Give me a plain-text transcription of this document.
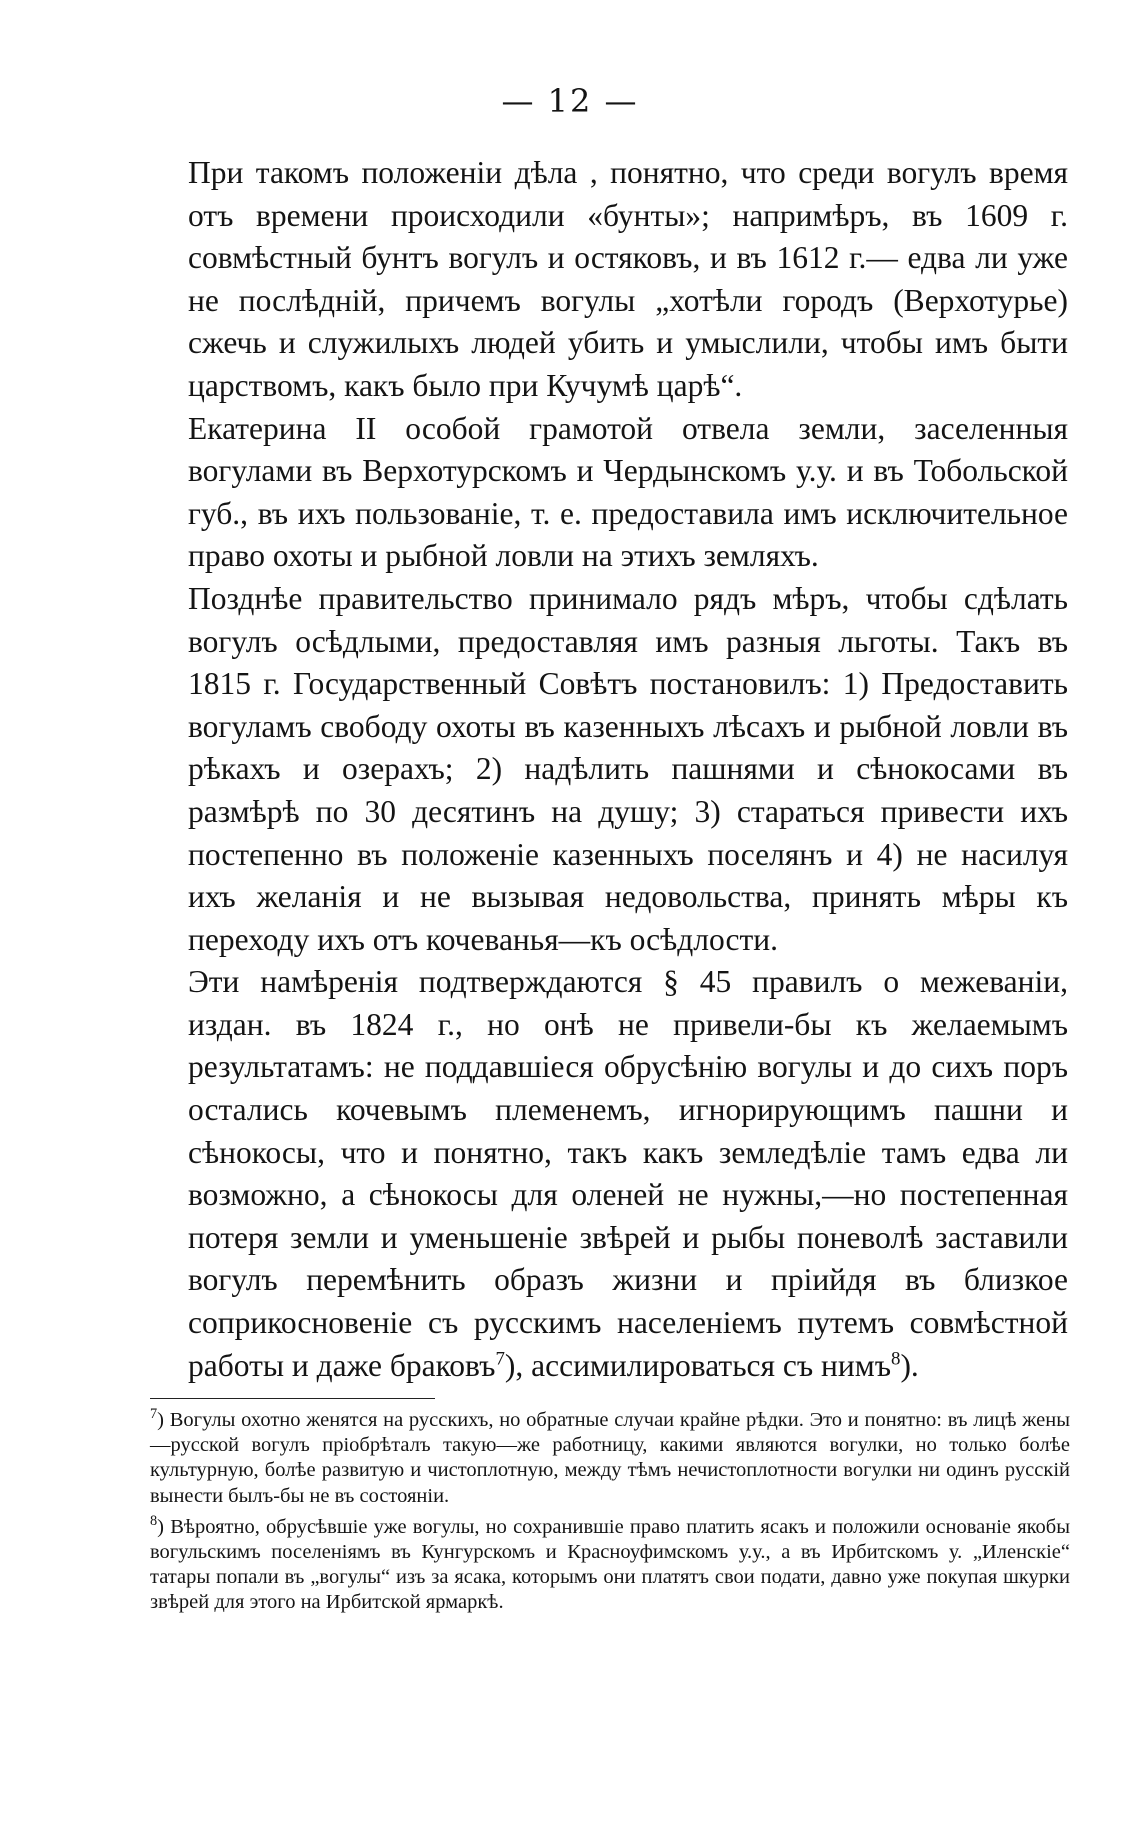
— 12 —

При такомъ положеніи дѣла , понятно, что среди вогулъ время отъ времени происходили «бунты»; напримѣръ, въ 1609 г. совмѣстный бунтъ вогулъ и остяковъ, и въ 1612 г.— едва ли уже не послѣдній, причемъ вогулы „хотѣли городъ (Верхотурье) сжечь и служилыхъ людей убить и умыслили, чтобы имъ быти царствомъ, какъ было при Кучумѣ царѣ“.

Екатерина II особой грамотой отвела земли, заселенныя вогулами въ Верхотурскомъ и Чердынскомъ у.у. и въ Тобольской губ., въ ихъ пользованіе, т. е. предоставила имъ исключительное право охоты и рыбной ловли на этихъ земляхъ.

Позднѣе правительство принимало рядъ мѣръ, чтобы сдѣлать вогулъ осѣдлыми, предоставляя имъ разныя льготы. Такъ въ 1815 г. Государственный Совѣтъ постановилъ: 1) Предоставить вогуламъ свободу охоты въ казенныхъ лѣсахъ и рыбной ловли въ рѣкахъ и озерахъ; 2) надѣлить пашнями и сѣнокосами въ размѣрѣ по 30 десятинъ на душу; 3) стараться привести ихъ постепенно въ положеніе казенныхъ поселянъ и 4) не насилуя ихъ желанія и не вызывая недовольства, принять мѣры къ переходу ихъ отъ кочеванья—къ осѣдлости.

Эти намѣренія подтверждаются § 45 правилъ о межеваніи, издан. въ 1824 г., но онѣ не привели-бы къ желаемымъ результатамъ: не поддавшіеся обрусѣнію вогулы и до сихъ поръ остались кочевымъ племенемъ, игнорирующимъ пашни и сѣнокосы, что и понятно, такъ какъ земледѣліе тамъ едва ли возможно, а сѣнокосы для оленей не нужны,—но постепенная потеря земли и уменьшеніе звѣрей и рыбы поневолѣ заставили вогулъ перемѣнить образъ жизни и пріийдя въ близкое соприкосновеніе съ русскимъ населеніемъ путемъ совмѣстной работы и даже браковъ$^7$), ассимилироваться съ нимъ$^8$).

$^7$) Вогулы охотно женятся на русскихъ, но обратные случаи крайне рѣдки. Это и понятно: въ лицѣ жены —русской вогулъ пріобрѣталъ такую—же работницу, какими являются вогулки, но только болѣе культурную, болѣе развитую и чистоплотную, между тѣмъ нечистоплотности вогулки ни одинъ русскій вынести былъ-бы не въ состояніи.

$^8$) Вѣроятно, обрусѣвшіе уже вогулы, но сохранившіе право платить ясакъ и положили основаніе якобы вогульскимъ поселеніямъ въ Кунгурскомъ и Красноуфимскомъ у.у., а въ Ирбитскомъ у. „Иленскіе“ татары попали въ „вогулы“ изъ за ясака, которымъ они платятъ свои подати, давно уже покупая шкурки звѣрей для этого на Ирбитской ярмаркѣ.
